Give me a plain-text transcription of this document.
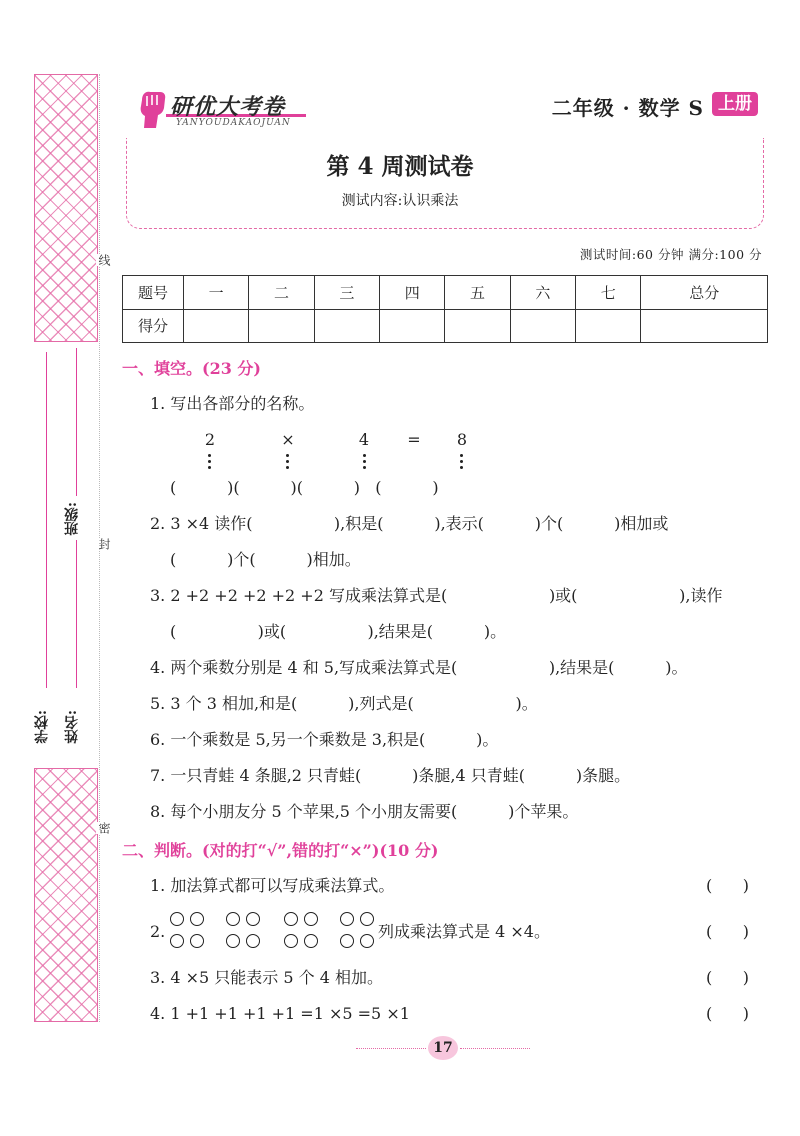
线
封
密
班级:
姓名:
学校:
研优大考卷
YANYOUDAKAOJUAN
二年级 · 数学 S 上册
第 4 周测试卷
测试内容:认识乘法
测试时间:60 分钟 满分:100 分
题号	一	二	三	四	五	六	七	总分
得分								
一、填空。(23 分)
1. 写出各部分的名称。
2	×	4	=	8
(          )(          )(          )   (          )
2. 3 ×4 读作(                ),积是(          ),表示(          )个(          )相加或
(          )个(          )相加。
3. 2 +2 +2 +2 +2 +2 写成乘法算式是(                    )或(                    ),读作
(                )或(                ),结果是(          )。
4. 两个乘数分别是 4 和 5,写成乘法算式是(                  ),结果是(          )。
5. 3 个 3 相加,和是(          ),列式是(                    )。
6. 一个乘数是 5,另一个乘数是 3,积是(          )。
7. 一只青蛙 4 条腿,2 只青蛙(          )条腿,4 只青蛙(          )条腿。
8. 每个小朋友分 5 个苹果,5 个小朋友需要(          )个苹果。
二、判断。(对的打“√”,错的打“×”)(10 分)
1. 加法算式都可以写成乘法算式。	(      )
2.	列成乘法算式是 4 ×4。	(      )
3. 4 ×5 只能表示 5 个 4 相加。	(      )
4. 1 +1 +1 +1 +1 =1 ×5 =5 ×1	(      )
17
